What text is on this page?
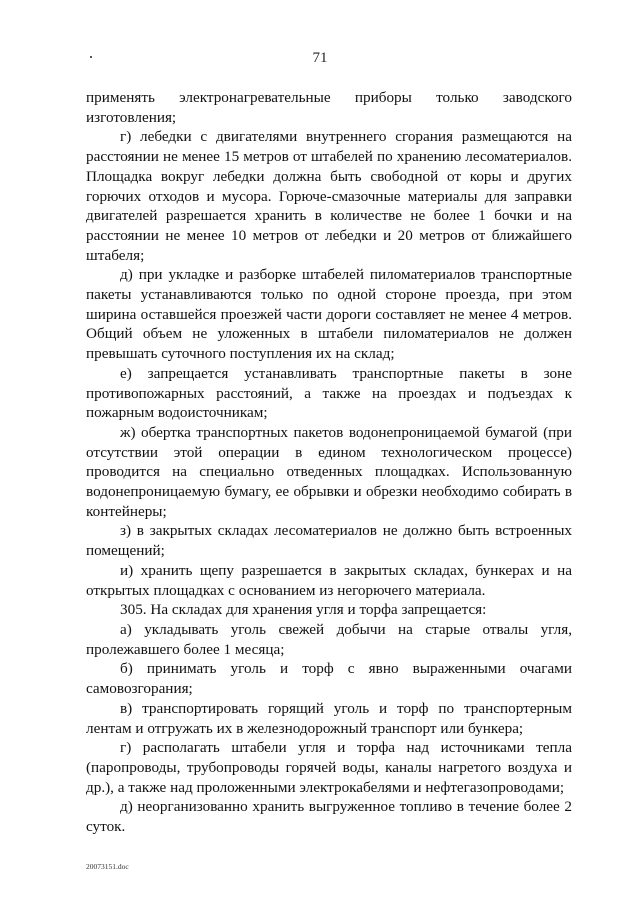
71

применять электронагревательные приборы только заводского изготовления;

г) лебедки с двигателями внутреннего сгорания размещаются на расстоянии не менее 15 метров от штабелей по хранению лесоматериалов. Площадка вокруг лебедки должна быть свободной от коры и других горючих отходов и мусора. Горюче-смазочные материалы для заправки двигателей разрешается хранить в количестве не более 1 бочки и на расстоянии не менее 10 метров от лебедки и 20 метров от ближайшего штабеля;

д) при укладке и разборке штабелей пиломатериалов транспортные пакеты устанавливаются только по одной стороне проезда, при этом ширина оставшейся проезжей части дороги составляет не менее 4 метров. Общий объем не уложенных в штабели пиломатериалов не должен превышать суточного поступления их на склад;

е) запрещается устанавливать транспортные пакеты в зоне противопожарных расстояний, а также на проездах и подъездах к пожарным водоисточникам;

ж) обертка транспортных пакетов водонепроницаемой бумагой (при отсутствии этой операции в едином технологическом процессе) проводится на специально отведенных площадках. Использованную водонепроницаемую бумагу, ее обрывки и обрезки необходимо собирать в контейнеры;

з) в закрытых складах лесоматериалов не должно быть встроенных помещений;

и) хранить щепу разрешается в закрытых складах, бункерах и на открытых площадках с основанием из негорючего материала.

305. На складах для хранения угля и торфа запрещается:

а) укладывать уголь свежей добычи на старые отвалы угля, пролежавшего более 1 месяца;

б) принимать уголь и торф с явно выраженными очагами самовозгорания;

в) транспортировать горящий уголь и торф по транспортерным лентам и отгружать их в железнодорожный транспорт или бункера;

г) располагать штабели угля и торфа над источниками тепла (паропроводы, трубопроводы горячей воды, каналы нагретого воздуха и др.), а также над проложенными электрокабелями и нефтегазопроводами;

д) неорганизованно хранить выгруженное топливо в течение более 2 суток.

20073151.doc
